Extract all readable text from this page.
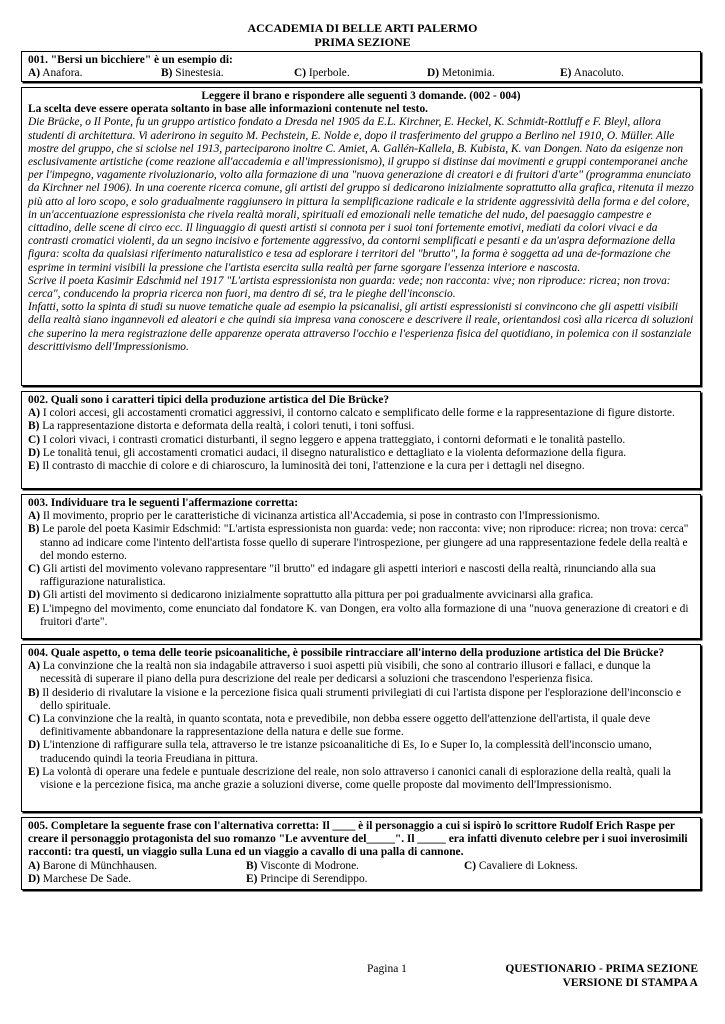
ACCADEMIA DI BELLE ARTI PALERMO
PRIMA SEZIONE
001. "Bersi un bicchiere" è un esempio di:
A) Anafora.	B) Sinestesia.	C) Iperbole.	D) Metonimia.	E) Anacoluto.
Leggere il brano e rispondere alle seguenti 3 domande. (002 - 004)
La scelta deve essere operata soltanto in base alle informazioni contenute nel testo.
Die Brücke, o Il Ponte, fu un gruppo artistico fondato a Dresda nel 1905 da E.L. Kirchner, E. Heckel, K. Schmidt-Rottluff e F. Bleyl, allora studenti di architettura. Vi aderirono in seguito M. Pechstein, E. Nolde e, dopo il trasferimento del gruppo a Berlino nel 1910, O. Müller. Alle mostre del gruppo, che si sciolse nel 1913, parteciparono inoltre C. Amiet, A. Gallén-Kallela, B. Kubista, K. van Dongen. Nato da esigenze non esclusivamente artistiche (come reazione all'accademia e all'impressionismo), il gruppo si distinse dai movimenti e gruppi contemporanei anche per l'impegno, vagamente rivoluzionario, volto alla formazione di una "nuova generazione di creatori e di fruitori d'arte" (programma enunciato da Kirchner nel 1906). In una coerente ricerca comune, gli artisti del gruppo si dedicarono inizialmente soprattutto alla grafica, ritenuta il mezzo più atto al loro scopo, e solo gradualmente raggiunsero in pittura la semplificazione radicale e la stridente aggressività della forma e del colore, in un'accentuazione espressionista che rivela realtà morali, spirituali ed emozionali nelle tematiche del nudo, del paesaggio campestre e cittadino, delle scene di circo ecc. Il linguaggio di questi artisti si connota per i suoi toni fortemente emotivi, mediati da colori vivaci e da contrasti cromatici violenti, da un segno incisivo e fortemente aggressivo, da contorni semplificati e pesanti e da un'aspra deformazione della figura: scolta da qualsiasi riferimento naturalistico e tesa ad esplorare i territori del "brutto", la forma è soggetta ad una de-formazione che esprime in termini visibili la pressione che l'artista esercita sulla realtà per farne sgorgare l'essenza interiore e nascosta.
Scrive il poeta Kasimir Edschmid nel 1917 "L'artista espressionista non guarda: vede; non racconta: vive; non riproduce: ricrea; non trova: cerca", conducendo la propria ricerca non fuori, ma dentro di sé, tra le pieghe dell'inconscio.
Infatti, sotto la spinta di studi su nuove tematiche quale ad esempio la psicanalisi, gli artisti espressionisti si convincono che gli aspetti visibili della realtà siano ingannevoli ed aleatori e che quindi sia impresa vana conoscere e descrivere il reale, orientandosi così alla ricerca di soluzioni che superino la mera registrazione delle apparenze operata attraverso l'occhio e l'esperienza fisica del quotidiano, in polemica con il sostanziale descrittivismo dell'Impressionismo.
002. Quali sono i caratteri tipici della produzione artistica del Die Brücke?
A) I colori accesi, gli accostamenti cromatici aggressivi, il contorno calcato e semplificato delle forme e la rappresentazione di figure distorte.
B) La rappresentazione distorta e deformata della realtà, i colori tenuti, i toni soffusi.
C) I colori vivaci, i contrasti cromatici disturbanti, il segno leggero e appena tratteggiato, i contorni deformati e le tonalità pastello.
D) Le tonalità tenui, gli accostamenti cromatici audaci, il disegno naturalistico e dettagliato e la violenta deformazione della figura.
E) Il contrasto di macchie di colore e di chiaroscuro, la luminosità dei toni, l'attenzione e la cura per i dettagli nel disegno.
003. Individuare tra le seguenti l'affermazione corretta:
A) Il movimento, proprio per le caratteristiche di vicinanza artistica all'Accademia, si pose in contrasto con l'Impressionismo.
B) Le parole del poeta Kasimir Edschmid: "L'artista espressionista non guarda: vede; non racconta: vive; non riproduce: ricrea; non trova: cerca" stanno ad indicare come l'intento dell'artista fosse quello di superare l'introspezione, per giungere ad una rappresentazione fedele della realtà e del mondo esterno.
C) Gli artisti del movimento volevano rappresentare "il brutto" ed indagare gli aspetti interiori e nascosti della realtà, rinunciando alla sua raffigurazione naturalistica.
D) Gli artisti del movimento si dedicarono inizialmente soprattutto alla pittura per poi gradualmente avvicinarsi alla grafica.
E) L'impegno del movimento, come enunciato dal fondatore K. van Dongen, era volto alla formazione di una "nuova generazione di creatori e di fruitori d'arte".
004. Quale aspetto, o tema delle teorie psicoanalitiche, è possibile rintracciare all'interno della produzione artistica del Die Brücke?
A) La convinzione che la realtà non sia indagabile attraverso i suoi aspetti più visibili, che sono al contrario illusori e fallaci, e dunque la necessità di superare il piano della pura descrizione del reale per dedicarsi a soluzioni che trascendono l'esperienza fisica.
B) Il desiderio di rivalutare la visione e la percezione fisica quali strumenti privilegiati di cui l'artista dispone per l'esplorazione dell'inconscio e dello spirituale.
C) La convinzione che la realtà, in quanto scontata, nota e prevedibile, non debba essere oggetto dell'attenzione dell'artista, il quale deve definitivamente abbandonare la rappresentazione della natura e delle sue forme.
D) L'intenzione di raffigurare sulla tela, attraverso le tre istanze psicoanalitiche di Es, Io e Super Io, la complessità dell'inconscio umano, traducendo quindi la teoria Freudiana in pittura.
E) La volontà di operare una fedele e puntuale descrizione del reale, non solo attraverso i canonici canali di esplorazione della realtà, quali la visione e la percezione fisica, ma anche grazie a soluzioni diverse, come quelle proposte dal movimento dell'Impressionismo.
005. Completare la seguente frase con l'alternativa corretta: Il ____ è il personaggio a cui si ispirò lo scrittore Rudolf Erich Raspe per creare il personaggio protagonista del suo romanzo "Le avventure del_____". Il _____ era infatti divenuto celebre per i suoi inverosimili racconti: tra questi, un viaggio sulla Luna ed un viaggio a cavallo di una palla di cannone.
A) Barone di Münchhausen.	B) Visconte di Modrone.	C) Cavaliere di Lokness.
D) Marchese De Sade.	E) Principe di Serendippo.
Pagina 1	QUESTIONARIO - PRIMA SEZIONE
VERSIONE DI STAMPA A
